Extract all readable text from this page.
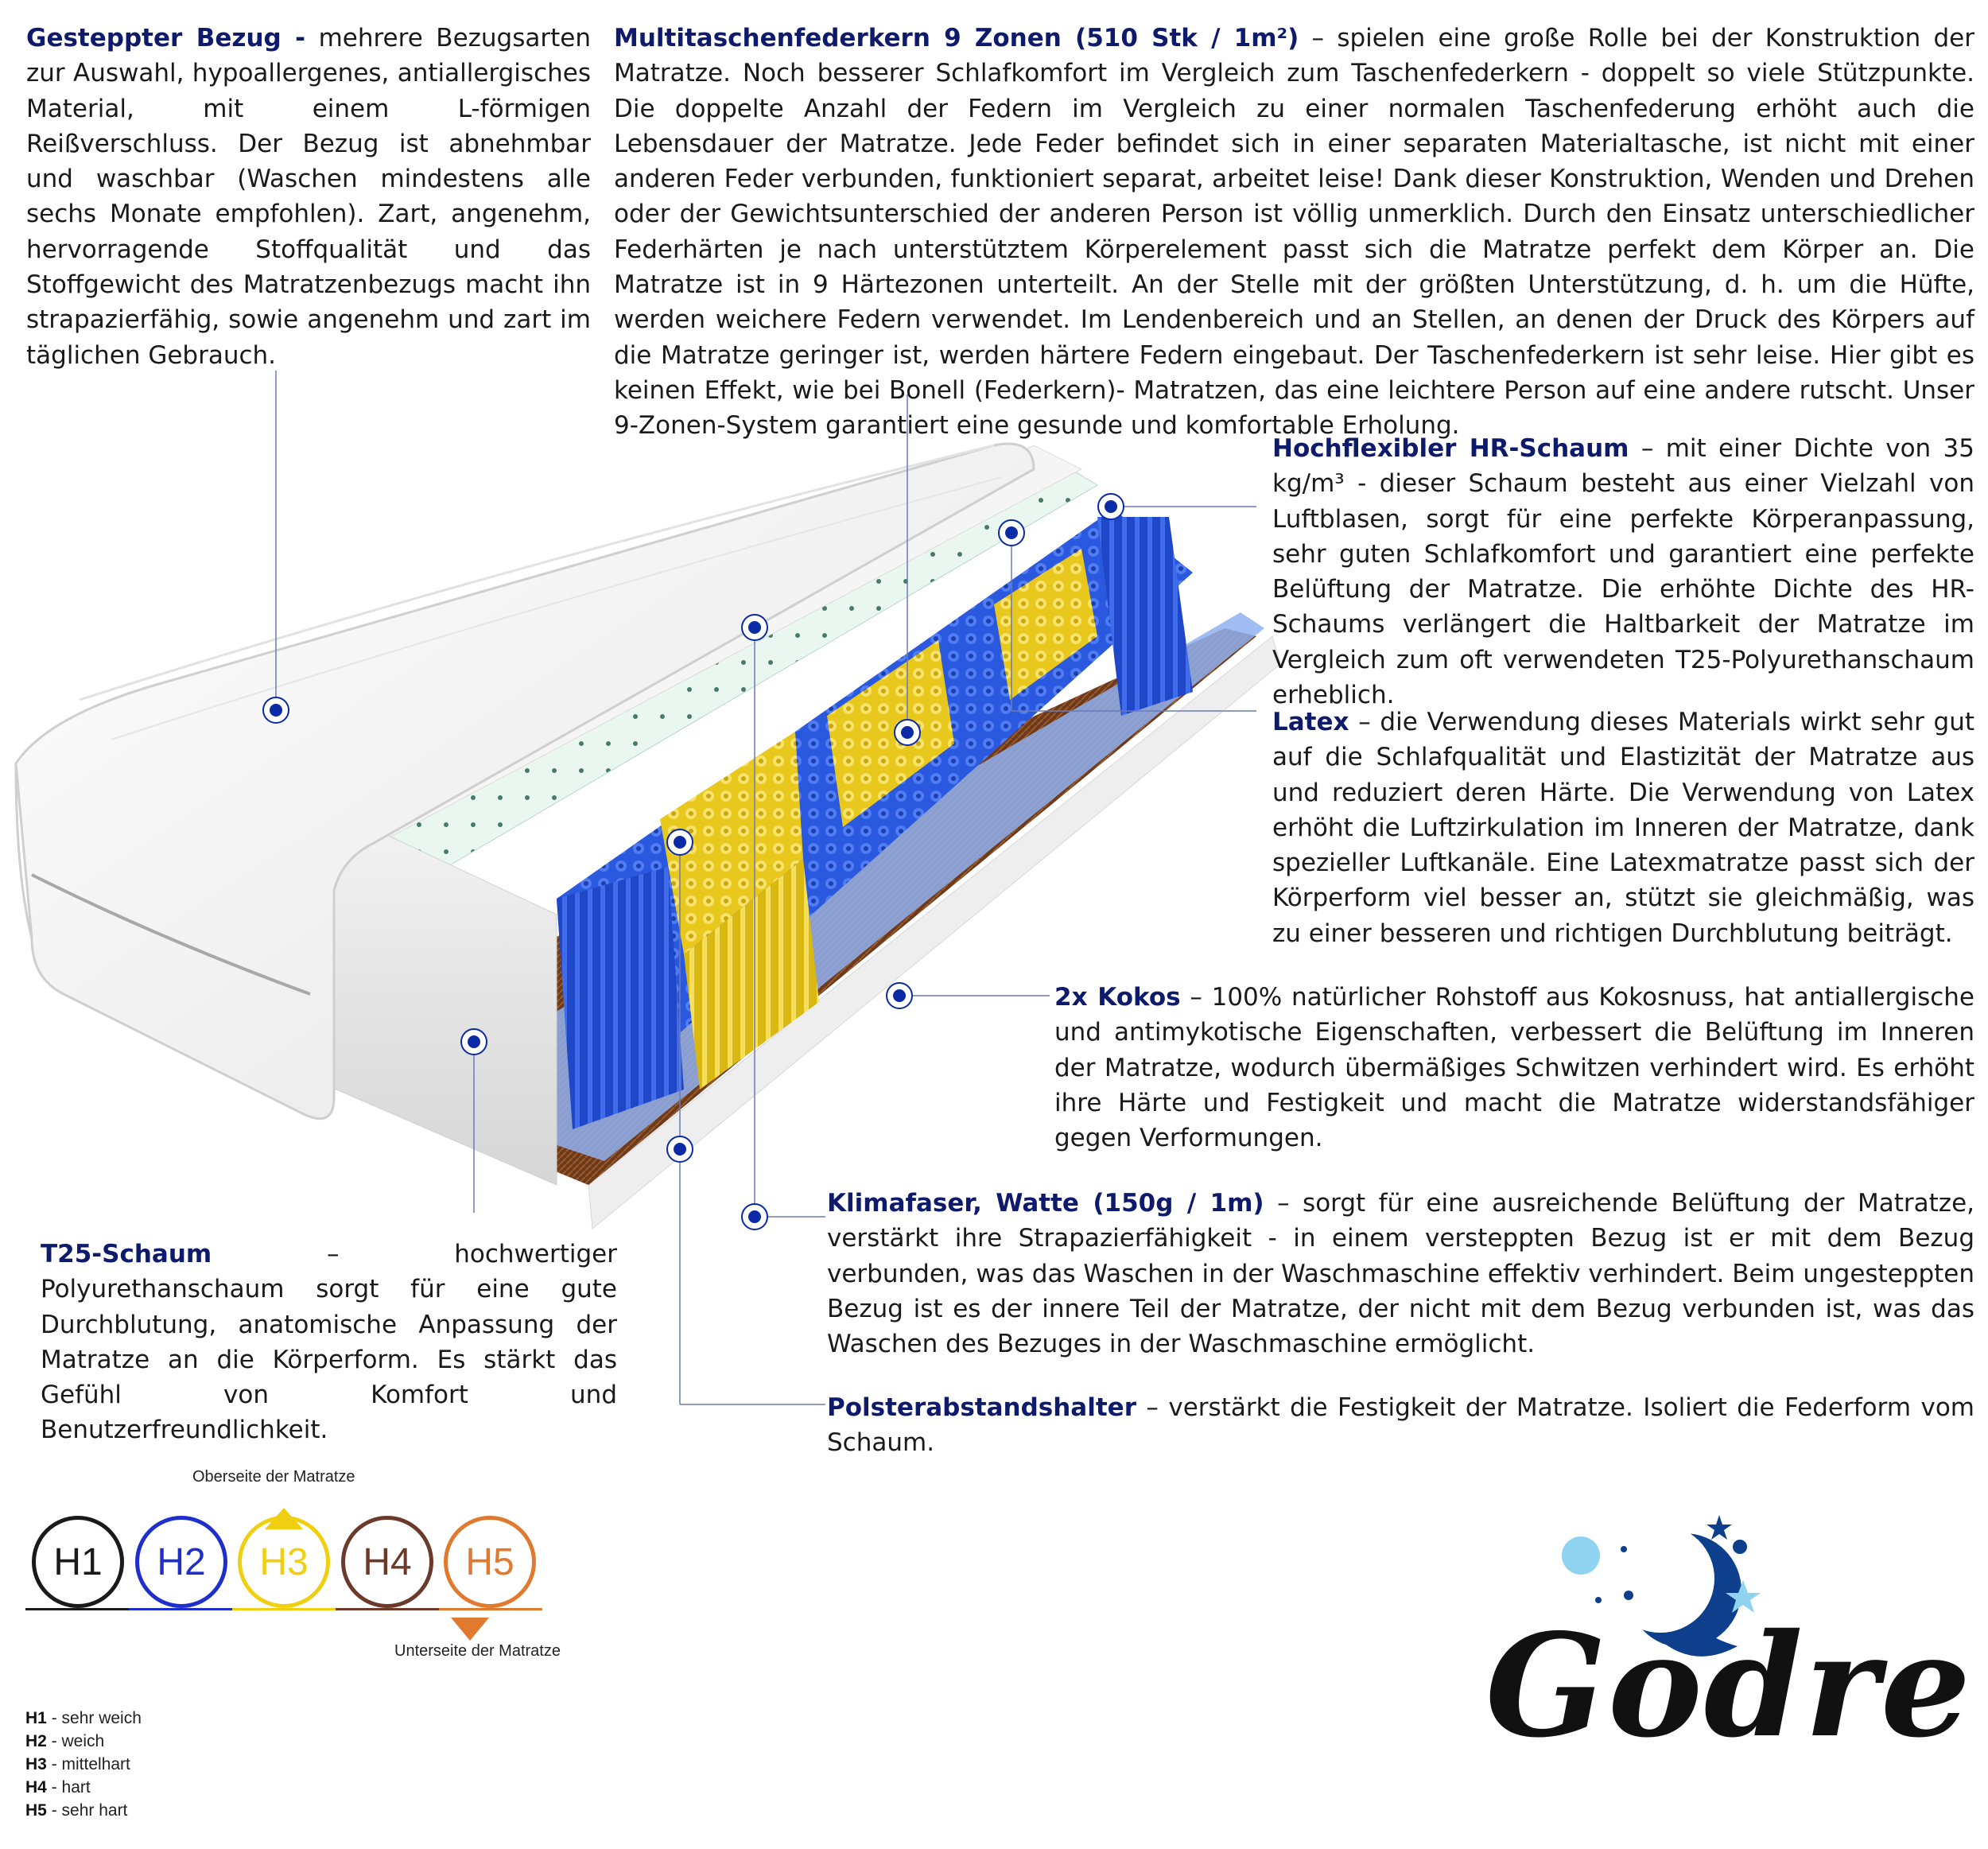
Gesteppter Bezug - mehrere Bezugsarten zur Auswahl, hypoallergenes, antiallergisches Material, mit einem L-förmigen Reißverschluss. Der Bezug ist abnehmbar und waschbar (Waschen mindestens alle sechs Monate empfohlen). Zart, angenehm, hervorragende Stoffqualität und das Stoffgewicht des Matratzenbezugs macht ihn strapazierfähig, sowie angenehm und zart im täglichen Gebrauch.
Multitaschenfederkern 9 Zonen (510 Stk / 1m²) – spielen eine große Rolle bei der Konstruktion der Matratze. Noch besserer Schlafkomfort im Vergleich zum Taschenfederkern - doppelt so viele Stützpunkte. Die doppelte Anzahl der Federn im Vergleich zu einer normalen Taschenfederung erhöht auch die Lebensdauer der Matratze. Jede Feder befindet sich in einer separaten Materialtasche, ist nicht mit einer anderen Feder verbunden, funktioniert separat, arbeitet leise! Dank dieser Konstruktion, Wenden und Drehen oder der Gewichtsunterschied der anderen Person ist völlig unmerklich. Durch den Einsatz unterschiedlicher Federhärten je nach unterstütztem Körperelement passt sich die Matratze perfekt dem Körper an. Die Matratze ist in 9 Härtezonen unterteilt. An der Stelle mit der größten Unterstützung, d. h. um die Hüfte, werden weichere Federn verwendet. Im Lendenbereich und an Stellen, an denen der Druck des Körpers auf die Matratze geringer ist, werden härtere Federn eingebaut. Der Taschenfederkern ist sehr leise. Hier gibt es keinen Effekt, wie bei Bonell (Federkern)- Matratzen, das eine leichtere Person auf eine andere rutscht. Unser 9-Zonen-System garantiert eine gesunde und komfortable Erholung.
Hochflexibler HR-Schaum – mit einer Dichte von 35 kg/m³ - dieser Schaum besteht aus einer Vielzahl von Luftblasen, sorgt für eine perfekte Körperanpassung, sehr guten Schlafkomfort und garantiert eine perfekte Belüftung der Matratze. Die erhöhte Dichte des HR-Schaums verlängert die Haltbarkeit der Matratze im Vergleich zum oft verwendeten T25-Polyurethanschaum erheblich.
Latex – die Verwendung dieses Materials wirkt sehr gut auf die Schlafqualität und Elastizität der Matratze aus und reduziert deren Härte. Die Verwendung von Latex erhöht die Luftzirkulation im Inneren der Matratze, dank spezieller Luftkanäle. Eine Latexmatratze passt sich der Körperform viel besser an, stützt sie gleichmäßig, was zu einer besseren und richtigen Durchblutung beiträgt.
2x Kokos – 100% natürlicher Rohstoff aus Kokosnuss, hat antiallergische und antimykotische Eigenschaften, verbessert die Belüftung im Inneren der Matratze, wodurch übermäßiges Schwitzen verhindert wird. Es erhöht ihre Härte und Festigkeit und macht die Matratze widerstandsfähiger gegen Verformungen.
T25-Schaum – hochwertiger Polyurethanschaum sorgt für eine gute Durchblutung, anatomische Anpassung der Matratze an die Körperform. Es stärkt das Gefühl von Komfort und Benutzerfreundlichkeit.
Klimafaser, Watte (150g / 1m) – sorgt für eine ausreichende Belüftung der Matratze, verstärkt ihre Strapazierfähigkeit - in einem versteppten Bezug ist er mit dem Bezug verbunden, was das Waschen in der Waschmaschine effektiv verhindert. Beim ungesteppten Bezug ist es der innere Teil der Matratze, der nicht mit dem Bezug verbunden ist, was das Waschen des Bezuges in der Waschmaschine ermöglicht.
Polsterabstandshalter – verstärkt die Festigkeit der Matratze. Isoliert die Federform vom Schaum.
Oberseite der Matratze
H1 H2 H3 H4 H5
Unterseite der Matratze
H1 - sehr weich
H2 - weich
H3 - mittelhart
H4 - hart
H5 - sehr hart
Godre
